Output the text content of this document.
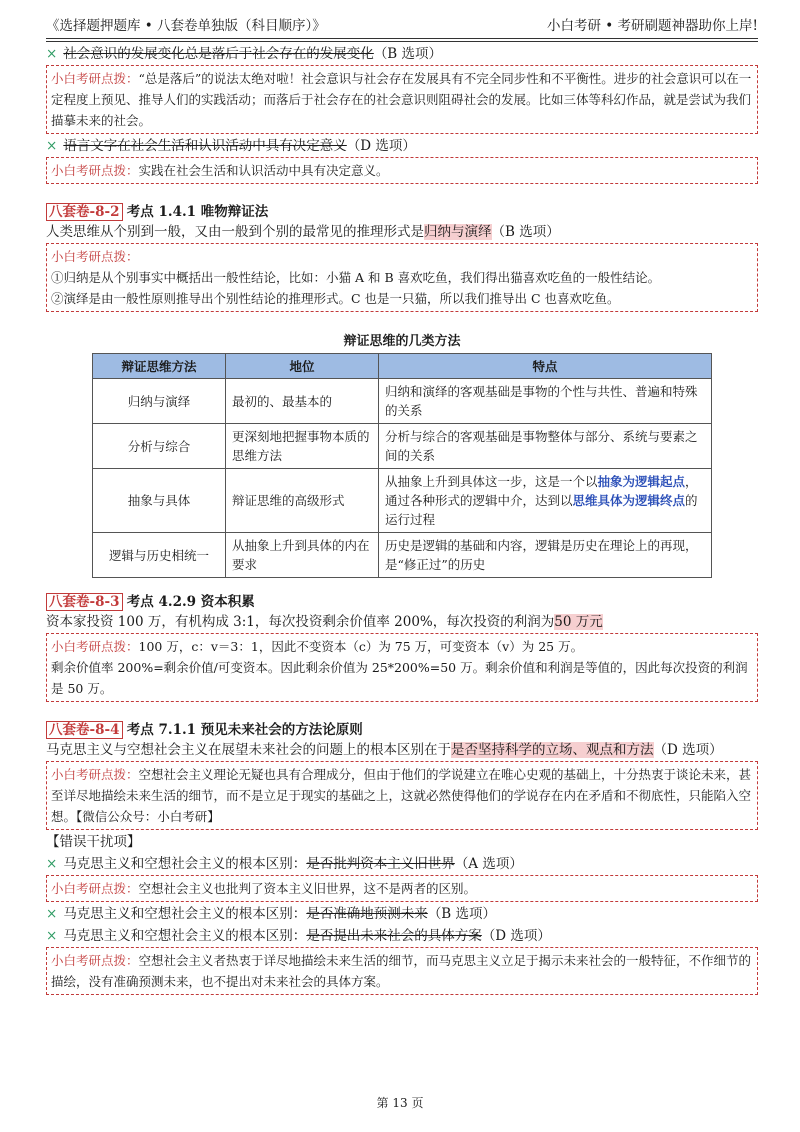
《选择题押题库 • 八套卷单独版（科目顺序）》	小白考研 • 考研刷题神器助你上岸!
× 社会意识的发展变化总是落后于社会存在的发展变化（B 选项）
小白考研点拨：“总是落后”的说法太绝对啦！社会意识与社会存在发展具有不完全同步性和不平衡性。进步的社会意识可以在一定程度上预见、推导人们的实践活动；而落后于社会存在的社会意识则阻碍社会的发展。比如三体等科幻作品，就是尝试为我们描摹未来的社会。
× 语言文字在社会生活和认识活动中具有决定意义（D 选项）
小白考研点拨：实践在社会生活和认识活动中具有决定意义。
八套卷-8-2 考点 1.4.1 唯物辩证法
人类思维从个别到一般，又由一般到个别的最常见的推理形式是归纳与演绎（B 选项）
小白考研点拨：
①归纳是从个别事实中概括出一般性结论，比如：小猫 A 和 B 喜欢吃鱼，我们得出猫喜欢吃鱼的一般性结论。
②演绎是由一般性原则推导出个别性结论的推理形式。C 也是一只猫，所以我们推导出 C 也喜欢吃鱼。
辩证思维的几类方法
辩证思维方法	地位	特点
归纳与演绎	最初的、最基本的	归纳和演绎的客观基础是事物的个性与共性、普遍和特殊的关系
分析与综合	更深刻地把握事物本质的思维方法	分析与综合的客观基础是事物整体与部分、系统与要素之间的关系
抽象与具体	辩证思维的高级形式	从抽象上升到具体这一步，这是一个以抽象为逻辑起点，通过各种形式的逻辑中介，达到以思维具体为逻辑终点的运行过程
逻辑与历史相统一	从抽象上升到具体的内在要求	历史是逻辑的基础和内容，逻辑是历史在理论上的再现，是“修正过”的历史
八套卷-8-3 考点 4.2.9 资本积累
资本家投资 100 万，有机构成 3:1，每次投资剩余价值率 200%，每次投资的利润为50 万元
小白考研点拨：100 万，c：v＝3：1，因此不变资本（c）为 75 万，可变资本（v）为 25 万。
剩余价值率 200%=剩余价值/可变资本。因此剩余价值为 25*200%=50 万。剩余价值和利润是等值的，因此每次投资的利润是 50 万。
八套卷-8-4 考点 7.1.1 预见未来社会的方法论原则
马克思主义与空想社会主义在展望未来社会的问题上的根本区别在于是否坚持科学的立场、观点和方法（D 选项）
小白考研点拨：空想社会主义理论无疑也具有合理成分，但由于他们的学说建立在唯心史观的基础上，十分热衷于谈论未来，甚至详尽地描绘未来生活的细节，而不是立足于现实的基础之上，这就必然使得他们的学说存在内在矛盾和不彻底性，只能陷入空想。【微信公众号：小白考研】
【错误干扰项】
× 马克思主义和空想社会主义的根本区别：是否批判资本主义旧世界（A 选项）
小白考研点拨：空想社会主义也批判了资本主义旧世界，这不是两者的区别。
× 马克思主义和空想社会主义的根本区别：是否准确地预测未来（B 选项）
× 马克思主义和空想社会主义的根本区别：是否提出未来社会的具体方案（D 选项）
小白考研点拨：空想社会主义者热衷于详尽地描绘未来生活的细节，而马克思主义立足于揭示未来社会的一般特征，不作细节的描绘，没有准确预测未来，也不提出对未来社会的具体方案。
第 13 页
